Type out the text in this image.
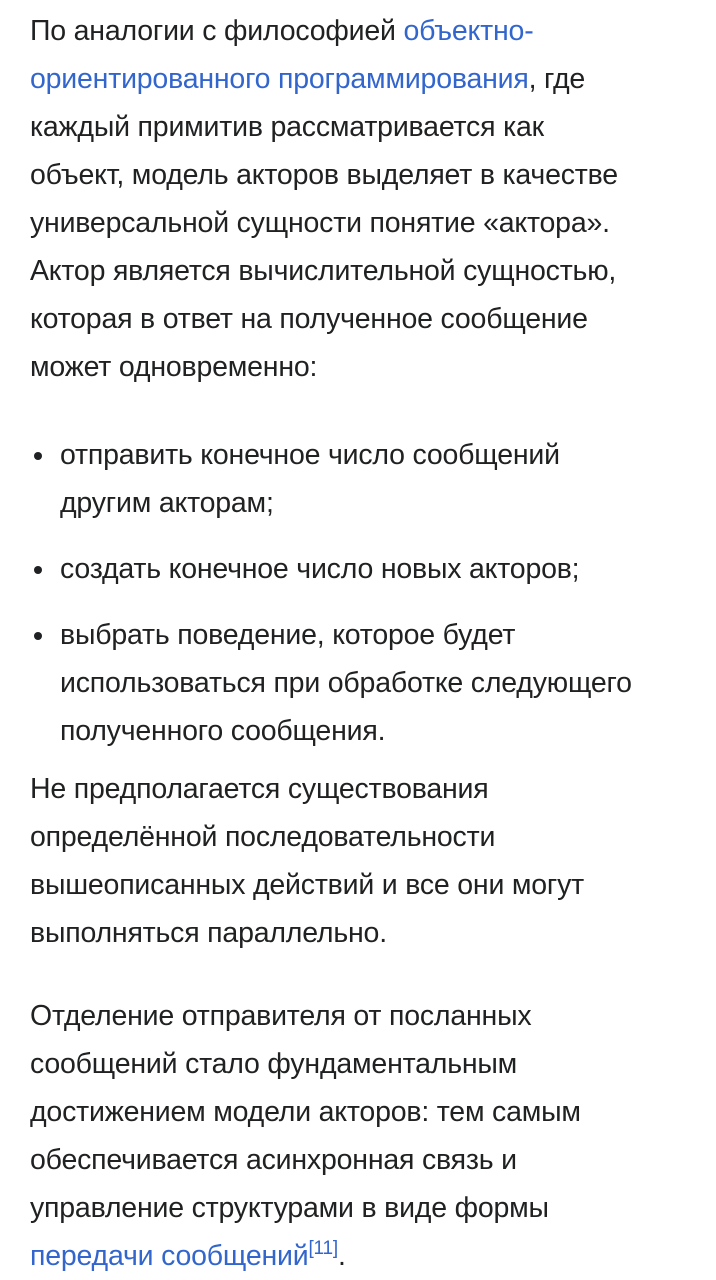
По аналогии с философией объектно-
ориентированного программирования, где
каждый примитив рассматривается как
объект, модель акторов выделяет в качестве
универсальной сущности понятие «актора».
Актор является вычислительной сущностью,
которая в ответ на полученное сообщение
может одновременно:

отправить конечное число сообщений
другим акторам;
создать конечное число новых акторов;
выбрать поведение, которое будет
использоваться при обработке следующего
полученного сообщения.

Не предполагается существования
определённой последовательности
вышеописанных действий и все они могут
выполняться параллельно.

Отделение отправителя от посланных
сообщений стало фундаментальным
достижением модели акторов: тем самым
обеспечивается асинхронная связь и
управление структурами в виде формы
передачи сообщений[11].
